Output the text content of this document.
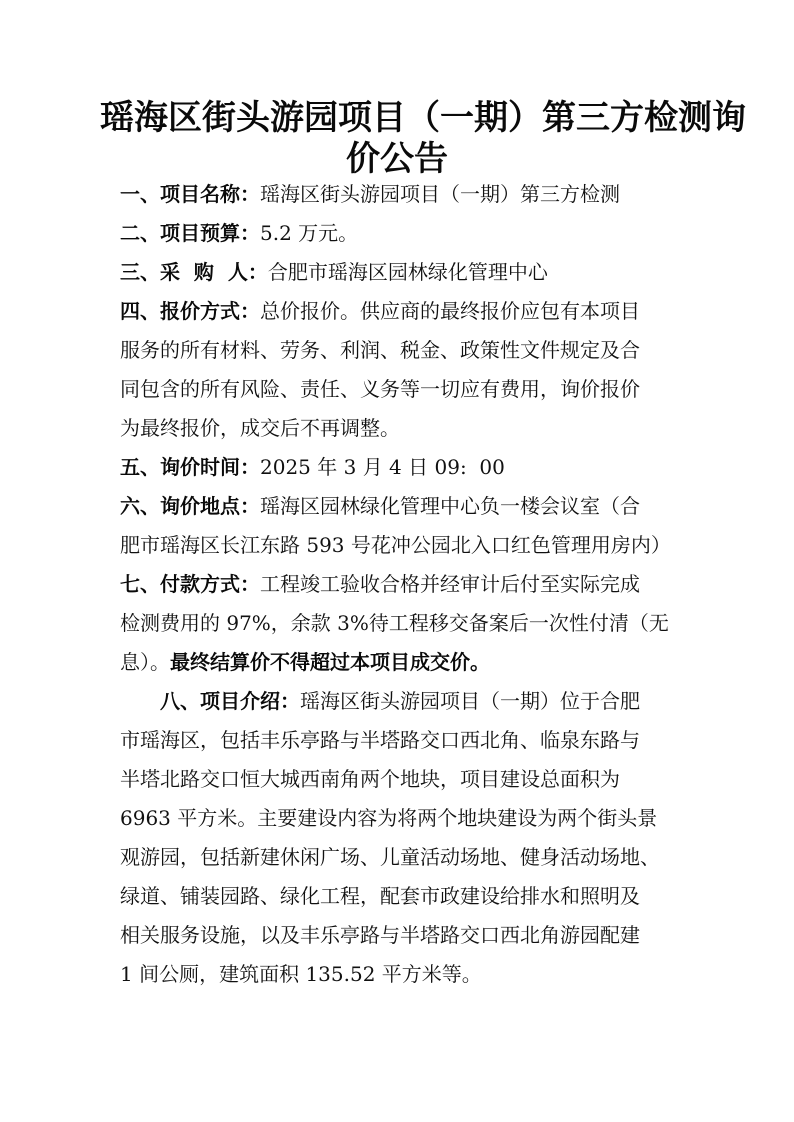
瑶海区街头游园项目（一期）第三方检测询
价公告
一、项目名称：瑶海区街头游园项目（一期）第三方检测
二、项目预算：5.2 万元。
三、采  购  人：合肥市瑶海区园林绿化管理中心
四、报价方式：总价报价。供应商的最终报价应包有本项目
服务的所有材料、劳务、利润、税金、政策性文件规定及合
同包含的所有风险、责任、义务等一切应有费用，询价报价
为最终报价，成交后不再调整。
五、询价时间：2025 年 3 月 4 日 09:  00
六、询价地点：瑶海区园林绿化管理中心负一楼会议室（合
肥市瑶海区长江东路 593 号花冲公园北入口红色管理用房内）
七、付款方式：工程竣工验收合格并经审计后付至实际完成
检测费用的 97%，余款 3%待工程移交备案后一次性付清（无
息）。最终结算价不得超过本项目成交价。
八、项目介绍：瑶海区街头游园项目（一期）位于合肥
市瑶海区，包括丰乐亭路与半塔路交口西北角、临泉东路与
半塔北路交口恒大城西南角两个地块，项目建设总面积为
6963 平方米。主要建设内容为将两个地块建设为两个街头景
观游园，包括新建休闲广场、儿童活动场地、健身活动场地、
绿道、铺装园路、绿化工程，配套市政建设给排水和照明及
相关服务设施，以及丰乐亭路与半塔路交口西北角游园配建
1 间公厕，建筑面积 135.52 平方米等。
